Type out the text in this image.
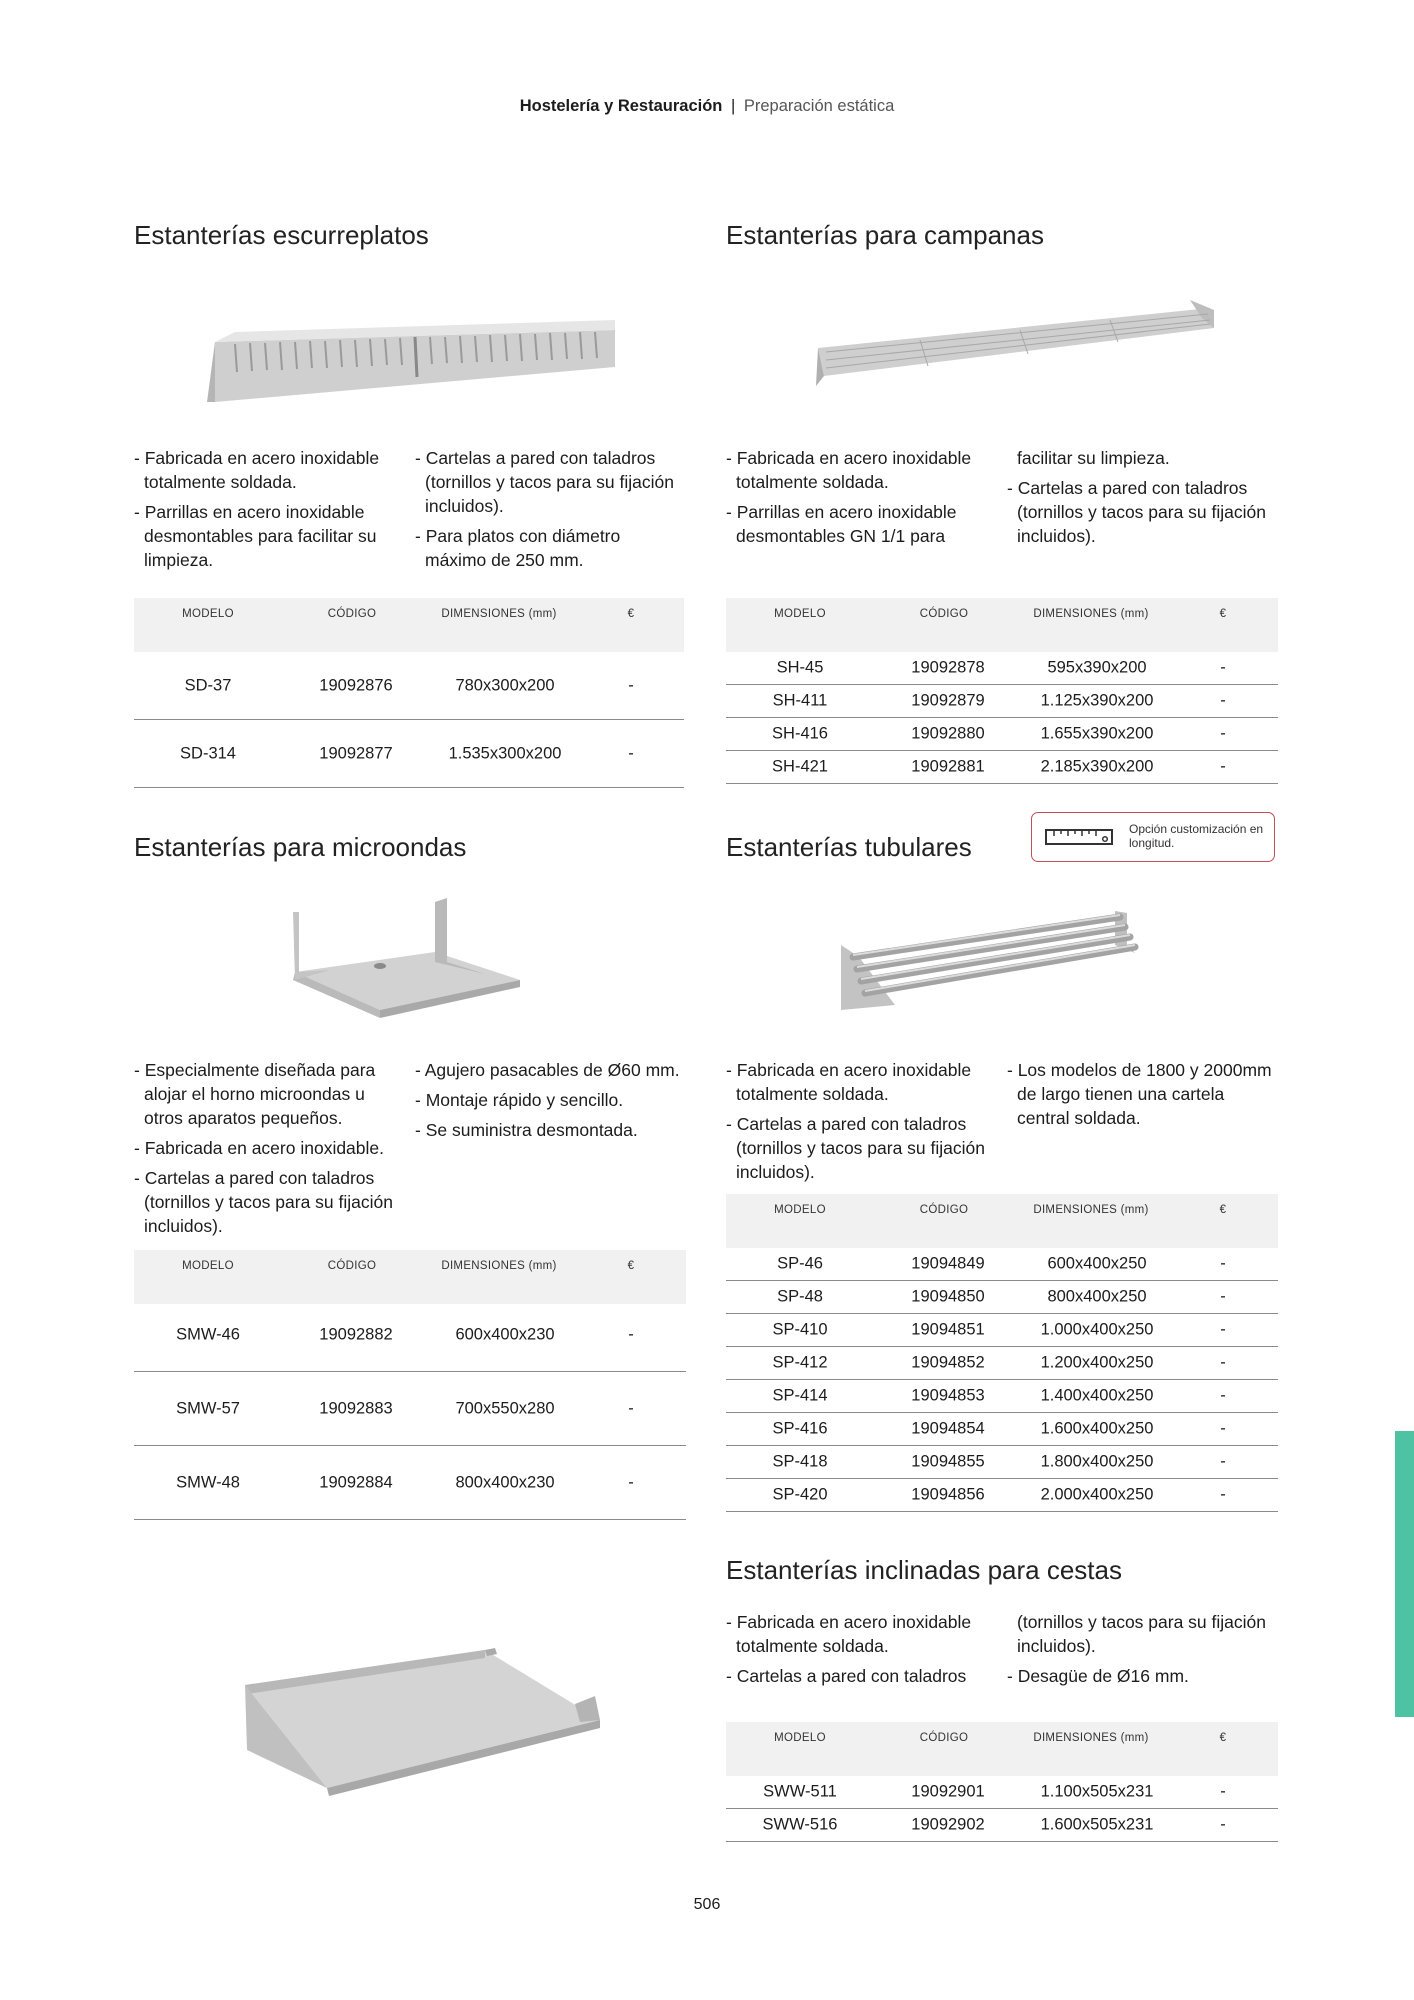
Hostelería y Restauración | Preparación estática
Estanterías escurreplatos
- Fabricada en acero inoxidable totalmente soldada.
- Parrillas en acero inoxidable desmontables para facilitar su limpieza.
- Cartelas a pared con taladros (tornillos y tacos para su fijación incluidos).
- Para platos con diámetro máximo de 250 mm.
MODELO	CÓDIGO	DIMENSIONES (mm)	€
SD-37	19092876	780x300x200	-
SD-314	19092877	1.535x300x200	-
Estanterías para campanas
- Fabricada en acero inoxidable totalmente soldada.
- Parrillas en acero inoxidable desmontables GN 1/1 para
facilitar su limpieza.
- Cartelas a pared con taladros (tornillos y tacos para su fijación incluidos).
MODELO	CÓDIGO	DIMENSIONES (mm)	€
SH-45	19092878	595x390x200	-
SH-411	19092879	1.125x390x200	-
SH-416	19092880	1.655x390x200	-
SH-421	19092881	2.185x390x200	-
Estanterías para microondas
- Especialmente diseñada para alojar el horno microondas u otros aparatos pequeños.
- Fabricada en acero inoxidable.
- Cartelas a pared con taladros (tornillos y tacos para su fijación incluidos).
- Agujero pasacables de Ø60 mm.
- Montaje rápido y sencillo.
- Se suministra desmontada.
MODELO	CÓDIGO	DIMENSIONES (mm)	€
SMW-46	19092882	600x400x230	-
SMW-57	19092883	700x550x280	-
SMW-48	19092884	800x400x230	-
Estanterías tubulares
Opción customización en longitud.
- Fabricada en acero inoxidable totalmente soldada.
- Cartelas a pared con taladros (tornillos y tacos para su fijación incluidos).
- Los modelos de 1800 y 2000mm de largo tienen una cartela central soldada.
MODELO	CÓDIGO	DIMENSIONES (mm)	€
SP-46	19094849	600x400x250	-
SP-48	19094850	800x400x250	-
SP-410	19094851	1.000x400x250	-
SP-412	19094852	1.200x400x250	-
SP-414	19094853	1.400x400x250	-
SP-416	19094854	1.600x400x250	-
SP-418	19094855	1.800x400x250	-
SP-420	19094856	2.000x400x250	-
Estanterías inclinadas para cestas
- Fabricada en acero inoxidable totalmente soldada.
- Cartelas a pared con taladros
(tornillos y tacos para su fijación incluidos).
- Desagüe de Ø16 mm.
MODELO	CÓDIGO	DIMENSIONES (mm)	€
SWW-511	19092901	1.100x505x231	-
SWW-516	19092902	1.600x505x231	-
506
